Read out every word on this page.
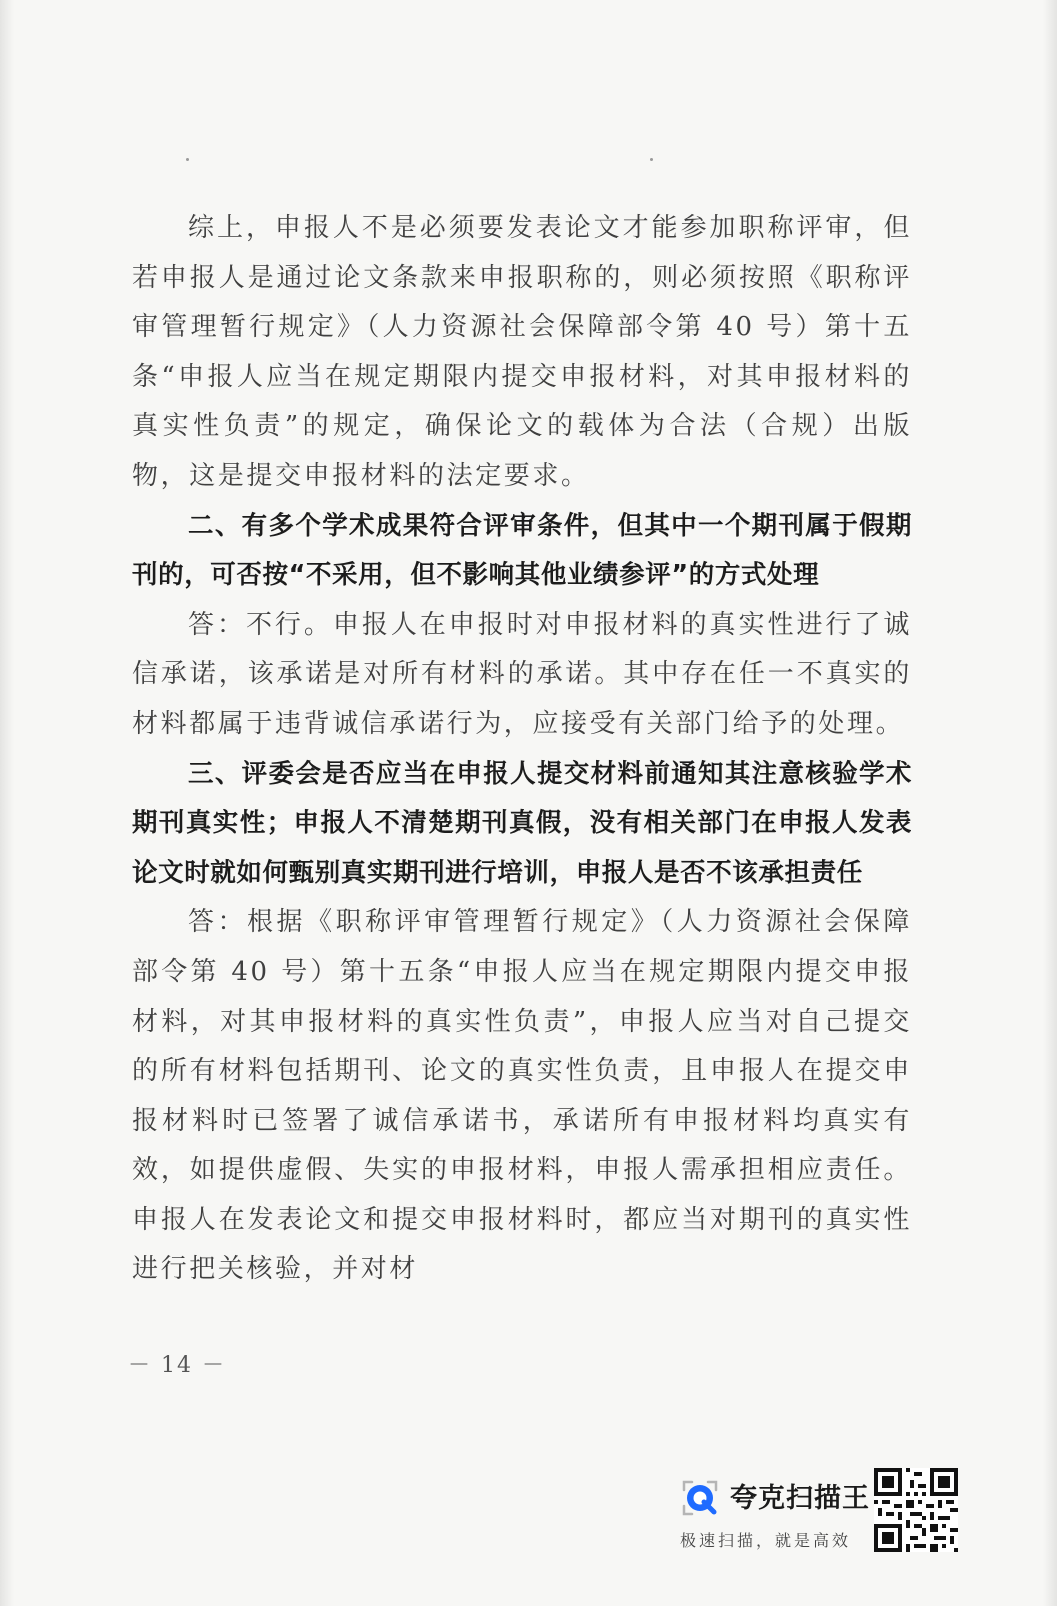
综上，申报人不是必须要发表论文才能参加职称评审，但若申报人是通过论文条款来申报职称的，则必须按照《职称评审管理暂行规定》（人力资源社会保障部令第 40 号）第十五条“申报人应当在规定期限内提交申报材料，对其申报材料的真实性负责”的规定，确保论文的载体为合法（合规）出版物，这是提交申报材料的法定要求。

二、有多个学术成果符合评审条件，但其中一个期刊属于假期刊的，可否按“不采用，但不影响其他业绩参评”的方式处理

答：不行。申报人在申报时对申报材料的真实性进行了诚信承诺，该承诺是对所有材料的承诺。其中存在任一不真实的材料都属于违背诚信承诺行为，应接受有关部门给予的处理。

三、评委会是否应当在申报人提交材料前通知其注意核验学术期刊真实性；申报人不清楚期刊真假，没有相关部门在申报人发表论文时就如何甄别真实期刊进行培训，申报人是否不该承担责任

答：根据《职称评审管理暂行规定》（人力资源社会保障部令第 40 号）第十五条“申报人应当在规定期限内提交申报材料，对其申报材料的真实性负责”，申报人应当对自己提交的所有材料包括期刊、论文的真实性负责，且申报人在提交申报材料时已签署了诚信承诺书，承诺所有申报材料均真实有效，如提供虚假、失实的申报材料，申报人需承担相应责任。申报人在发表论文和提交申报材料时，都应当对期刊的真实性进行把关核验，并对材

－ 14 －
夸克扫描王
极速扫描，就是高效
